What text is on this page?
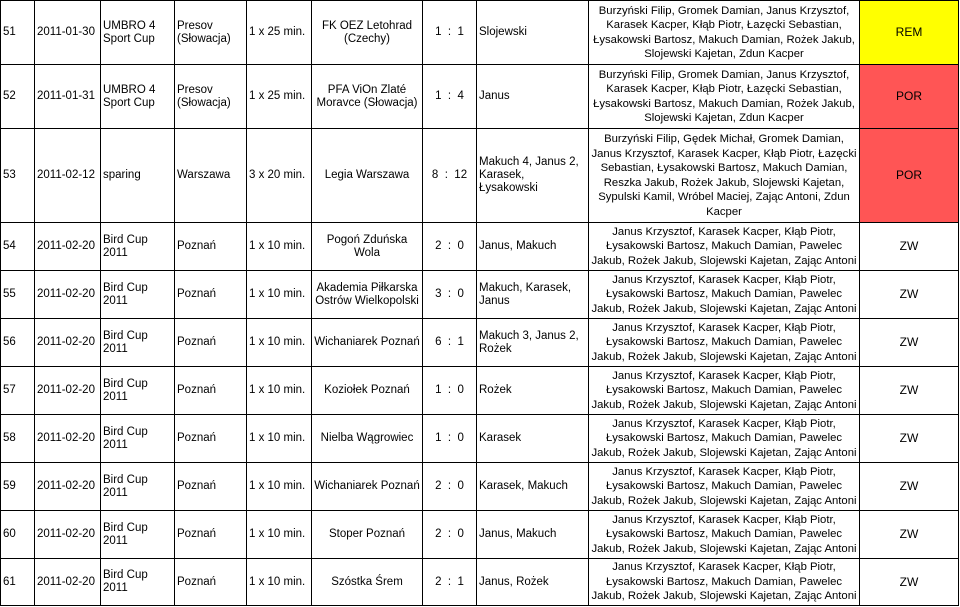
51	2011-01-30	UMBRO 4 Sport Cup	Presov (Słowacja)	1 x 25 min.	FK OEZ Letohrad (Czechy)	1  :  1	Slojewski	Burzyński Filip, Gromek Damian, Janus Krzysztof, Karasek Kacper, Kłąb Piotr, Łazęcki Sebastian, Łysakowski Bartosz, Makuch Damian, Rożek Jakub, Slojewski Kajetan, Zdun Kacper	REM
52	2011-01-31	UMBRO 4 Sport Cup	Presov (Słowacja)	1 x 25 min.	PFA ViOn Zlaté Moravce (Słowacja)	1  :  4	Janus	Burzyński Filip, Gromek Damian, Janus Krzysztof, Karasek Kacper, Kłąb Piotr, Łazęcki Sebastian, Łysakowski Bartosz, Makuch Damian, Rożek Jakub, Slojewski Kajetan, Zdun Kacper	POR
53	2011-02-12	sparing	Warszawa	3 x 20 min.	Legia Warszawa	8  :  12	Makuch 4, Janus 2, Karasek, Łysakowski	Burzyński Filip, Gędek Michał, Gromek Damian, Janus Krzysztof, Karasek Kacper, Kłąb Piotr, Łazęcki Sebastian, Łysakowski Bartosz, Makuch Damian, Reszka Jakub, Rożek Jakub, Slojewski Kajetan, Sypulski Kamil, Wróbel Maciej, Zając Antoni, Zdun Kacper	POR
54	2011-02-20	Bird Cup 2011	Poznań	1 x 10 min.	Pogoń Zduńska Wola	2  :  0	Janus, Makuch	Janus Krzysztof, Karasek Kacper, Kłąb Piotr, Łysakowski Bartosz, Makuch Damian, Pawelec Jakub, Rożek Jakub, Slojewski Kajetan, Zając Antoni	ZW
55	2011-02-20	Bird Cup 2011	Poznań	1 x 10 min.	Akademia Piłkarska Ostrów Wielkopolski	3  :  0	Makuch, Karasek, Janus	Janus Krzysztof, Karasek Kacper, Kłąb Piotr, Łysakowski Bartosz, Makuch Damian, Pawelec Jakub, Rożek Jakub, Slojewski Kajetan, Zając Antoni	ZW
56	2011-02-20	Bird Cup 2011	Poznań	1 x 10 min.	Wichaniarek Poznań	6  :  1	Makuch 3, Janus 2, Rożek	Janus Krzysztof, Karasek Kacper, Kłąb Piotr, Łysakowski Bartosz, Makuch Damian, Pawelec Jakub, Rożek Jakub, Slojewski Kajetan, Zając Antoni	ZW
57	2011-02-20	Bird Cup 2011	Poznań	1 x 10 min.	Koziołek Poznań	1  :  0	Rożek	Janus Krzysztof, Karasek Kacper, Kłąb Piotr, Łysakowski Bartosz, Makuch Damian, Pawelec Jakub, Rożek Jakub, Slojewski Kajetan, Zając Antoni	ZW
58	2011-02-20	Bird Cup 2011	Poznań	1 x 10 min.	Nielba Wągrowiec	1  :  0	Karasek	Janus Krzysztof, Karasek Kacper, Kłąb Piotr, Łysakowski Bartosz, Makuch Damian, Pawelec Jakub, Rożek Jakub, Slojewski Kajetan, Zając Antoni	ZW
59	2011-02-20	Bird Cup 2011	Poznań	1 x 10 min.	Wichaniarek Poznań	2  :  0	Karasek, Makuch	Janus Krzysztof, Karasek Kacper, Kłąb Piotr, Łysakowski Bartosz, Makuch Damian, Pawelec Jakub, Rożek Jakub, Slojewski Kajetan, Zając Antoni	ZW
60	2011-02-20	Bird Cup 2011	Poznań	1 x 10 min.	Stoper Poznań	2  :  0	Janus, Makuch	Janus Krzysztof, Karasek Kacper, Kłąb Piotr, Łysakowski Bartosz, Makuch Damian, Pawelec Jakub, Rożek Jakub, Slojewski Kajetan, Zając Antoni	ZW
61	2011-02-20	Bird Cup 2011	Poznań	1 x 10 min.	Szóstka Śrem	2  :  1	Janus, Rożek	Janus Krzysztof, Karasek Kacper, Kłąb Piotr, Łysakowski Bartosz, Makuch Damian, Pawelec Jakub, Rożek Jakub, Slojewski Kajetan, Zając Antoni	ZW
